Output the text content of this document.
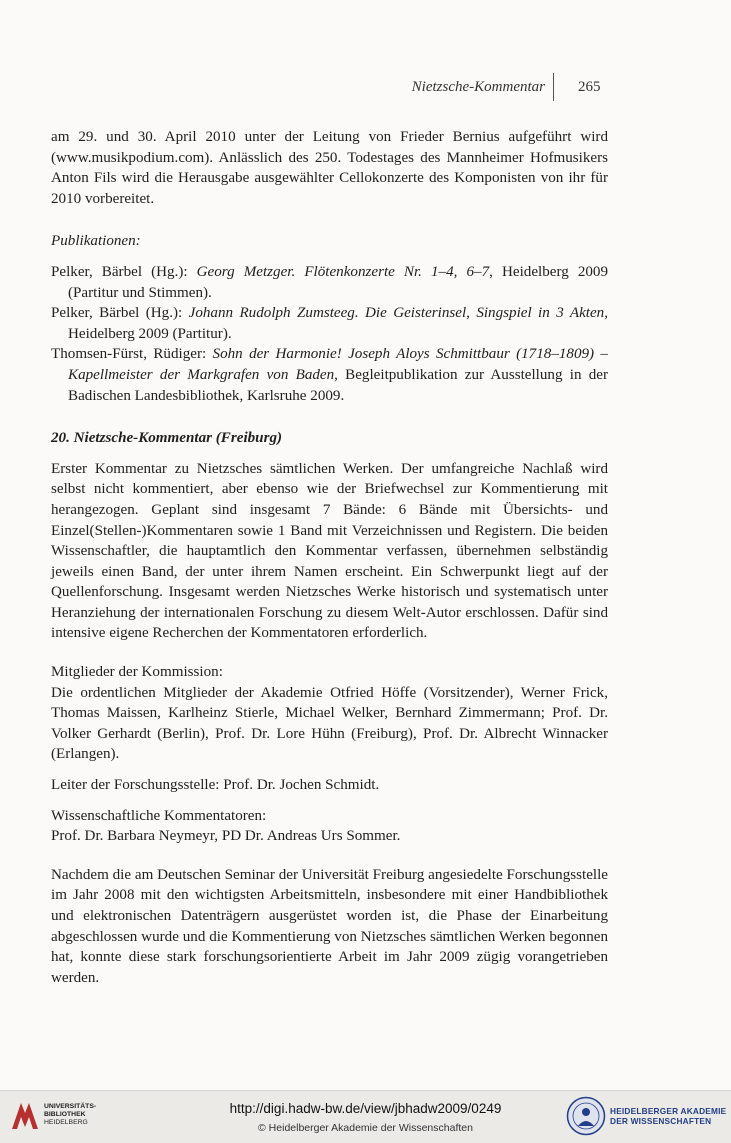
Nietzsche-Kommentar 265

am 29. und 30. April 2010 unter der Leitung von Frieder Bernius aufgeführt wird (www.musikpodium.com). Anlässlich des 250. Todestages des Mannheimer Hofmusikers Anton Fils wird die Herausgabe ausgewählter Cellokonzerte des Komponisten von ihr für 2010 vorbereitet.

Publikationen:

Pelker, Bärbel (Hg.): Georg Metzger. Flötenkonzerte Nr. 1–4, 6–7, Heidelberg 2009 (Partitur und Stimmen).

Pelker, Bärbel (Hg.): Johann Rudolph Zumsteeg. Die Geisterinsel, Singspiel in 3 Akten, Heidelberg 2009 (Partitur).

Thomsen-Fürst, Rüdiger: Sohn der Harmonie! Joseph Aloys Schmittbaur (1718–1809) – Kapellmeister der Markgrafen von Baden, Begleitpublikation zur Ausstellung in der Badischen Landesbibliothek, Karlsruhe 2009.

20. Nietzsche-Kommentar (Freiburg)

Erster Kommentar zu Nietzsches sämtlichen Werken. Der umfangreiche Nachlaß wird selbst nicht kommentiert, aber ebenso wie der Briefwechsel zur Kommentierung mit herangezogen. Geplant sind insgesamt 7 Bände: 6 Bände mit Übersichts- und Einzel(Stellen-)Kommentaren sowie 1 Band mit Verzeichnissen und Registern. Die beiden Wissenschaftler, die hauptamtlich den Kommentar verfassen, übernehmen selbständig jeweils einen Band, der unter ihrem Namen erscheint. Ein Schwerpunkt liegt auf der Quellenforschung. Insgesamt werden Nietzsches Werke historisch und systematisch unter Heranziehung der internationalen Forschung zu diesem Welt-Autor erschlossen. Dafür sind intensive eigene Recherchen der Kommentatoren erforderlich.

Mitglieder der Kommission:

Die ordentlichen Mitglieder der Akademie Otfried Höffe (Vorsitzender), Werner Frick, Thomas Maissen, Karlheinz Stierle, Michael Welker, Bernhard Zimmermann; Prof. Dr. Volker Gerhardt (Berlin), Prof. Dr. Lore Hühn (Freiburg), Prof. Dr. Albrecht Winnacker (Erlangen).

Leiter der Forschungsstelle: Prof. Dr. Jochen Schmidt.

Wissenschaftliche Kommentatoren:

Prof. Dr. Barbara Neymeyr, PD Dr. Andreas Urs Sommer.

Nachdem die am Deutschen Seminar der Universität Freiburg angesiedelte Forschungsstelle im Jahr 2008 mit den wichtigsten Arbeitsmitteln, insbesondere mit einer Handbibliothek und elektronischen Datenträgern ausgerüstet worden ist, die Phase der Einarbeitung abgeschlossen wurde und die Kommentierung von Nietzsches sämtlichen Werken begonnen hat, konnte diese stark forschungsorientierte Arbeit im Jahr 2009 zügig vorangetrieben werden.

UNIVERSITÄTS-
BIBLIOTHEK
HEIDELBERG
http://digi.hadw-bw.de/view/jbhadw2009/0249
© Heidelberger Akademie der Wissenschaften
HEIDELBERGER AKADEMIE
DER WISSENSCHAFTEN
